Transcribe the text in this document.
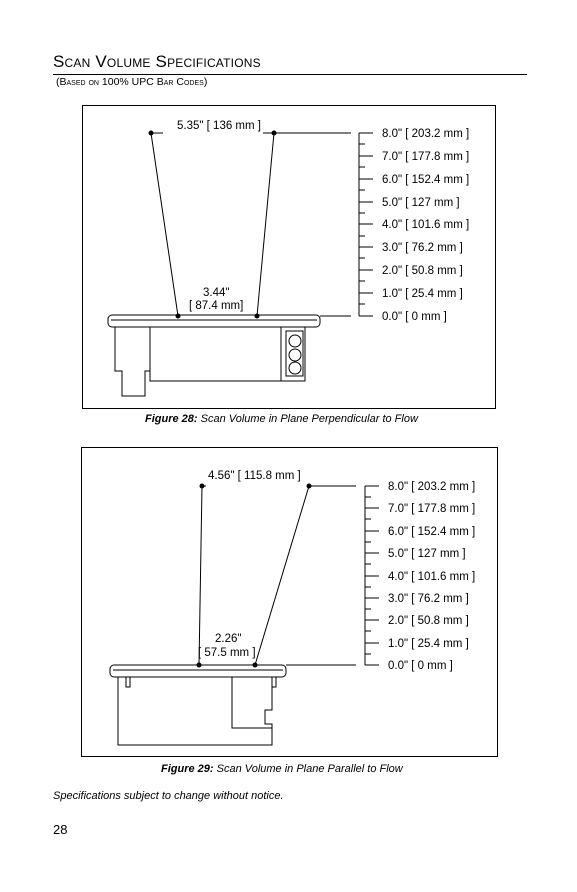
Scan Volume Specifications
(Based on 100% UPC Bar Codes)
5.35" [ 136 mm ]
3.44"
[ 87.4 mm]
8.0" [ 203.2 mm ]
7.0" [ 177.8 mm ]
6.0" [ 152.4 mm ]
5.0" [ 127 mm ]
4.0" [ 101.6 mm ]
3.0" [ 76.2 mm ]
2.0" [ 50.8 mm ]
1.0" [ 25.4 mm ]
0.0" [ 0 mm ]
Figure 28: Scan Volume in Plane Perpendicular to Flow
4.56" [ 115.8 mm ]
2.26"
[ 57.5 mm ]
8.0" [ 203.2 mm ]
7.0" [ 177.8 mm ]
6.0" [ 152.4 mm ]
5.0" [ 127 mm ]
4.0" [ 101.6 mm ]
3.0" [ 76.2 mm ]
2.0" [ 50.8 mm ]
1.0" [ 25.4 mm ]
0.0" [ 0 mm ]
Figure 29: Scan Volume in Plane Parallel to Flow
Specifications subject to change without notice.
28
